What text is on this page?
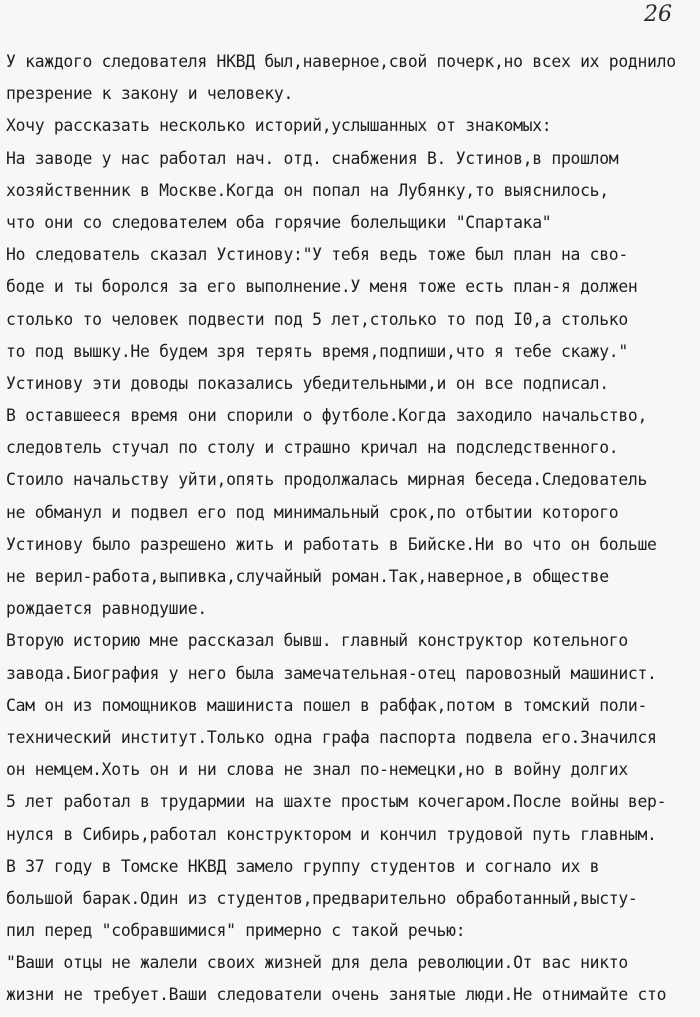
26
У каждого следователя НКВД был,наверное,свой почерк,но всех их роднило
презрение к закону и человеку.
Хочу рассказать несколько историй,услышанных от знакомых:
На заводе у нас работал нач. отд. снабжения В. Устинов,в прошлом
хозяйственник в Москве.Когда он попал на Лубянку,то выяснилось,
что они со следователем оба горячие болельщики "Спартака"
Но следователь сказал Устинову:"У тебя ведь тоже был план на сво-
боде и ты боролся за его выполнение.У меня тоже есть план-я должен
столько то человек подвести под 5 лет,столько то под I0,а столько
то под вышку.Не будем зря терять время,подпиши,что я тебе скажу."
Устинову эти доводы показались убедительными,и он все подписал.
В оставшееся время они спорили о футболе.Когда заходило начальство,
следовтель стучал по столу и страшно кричал на подследственного.
Стоило начальству уйти,опять продолжалась мирная беседа.Следователь
не обманул и подвел его под минимальный срок,по отбытии которого
Устинову было разрешено жить и работать в Бийске.Ни во что он больше
не верил-работа,выпивка,случайный роман.Так,наверное,в обществе
рождается равнодушие.
Вторую историю мне рассказал бывш. главный конструктор котельного
завода.Биография у него была замечательная-отец паровозный машинист.
Сам он из помощников машиниста пошел в рабфак,потом в томский поли-
технический институт.Только одна графа паспорта подвела его.Значился
он немцем.Хоть он и ни слова не знал по-немецки,но в войну долгих
5 лет работал в трудармии на шахте простым кочегаром.После войны вер-
нулся в Сибирь,работал конструктором и кончил трудовой путь главным.
В 37 году в Томске НКВД замело группу студентов и согнало их в
большой барак.Один из студентов,предварительно обработанный,высту-
пил перед "собравшимися" примерно с такой речью:
"Ваши отцы не жалели своих жизней для дела революции.От вас никто
жизни не требует.Ваши следователи очень занятые люди.Не отнимайте сто
